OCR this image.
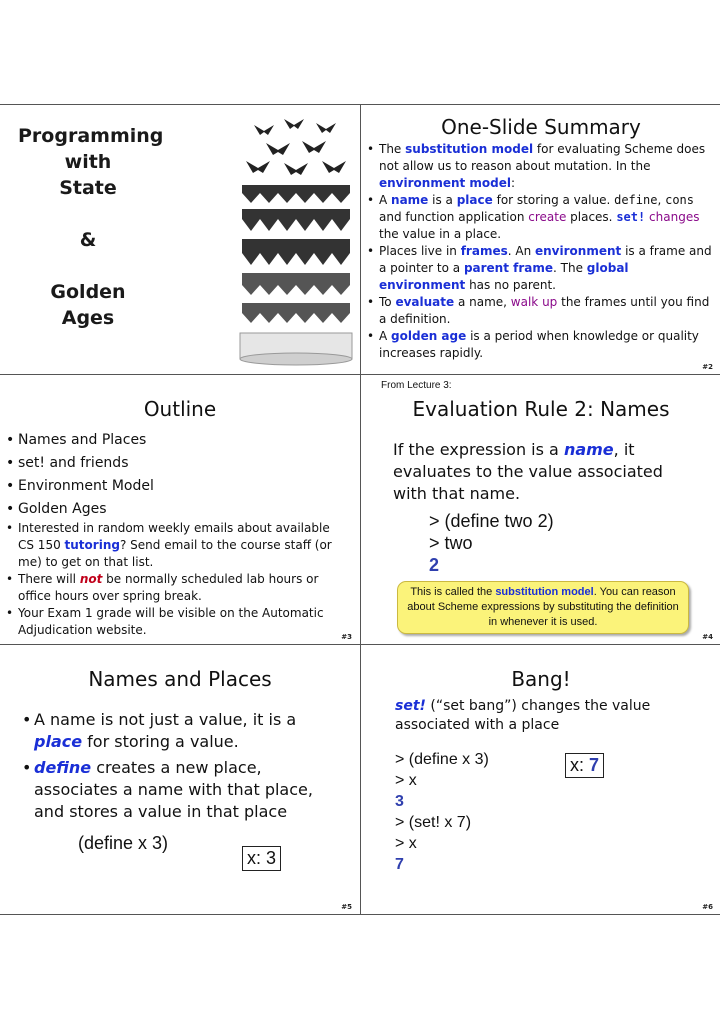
Programming
with
State
&
Golden
Ages
One-Slide Summary
• The substitution model for evaluating Scheme does not allow us to reason about mutation. In the environment model:
• A name is a place for storing a value. define, cons and function application create places. set! changes the value in a place.
• Places live in frames. An environment is a frame and a pointer to a parent frame. The global environment has no parent.
• To evaluate a name, walk up the frames until you find a definition.
• A golden age is a period when knowledge or quality increases rapidly.
#2
Outline
• Names and Places
• set! and friends
• Environment Model
• Golden Ages
• Interested in random weekly emails about available CS 150 tutoring? Send email to the course staff (or me) to get on that list.
• There will not be normally scheduled lab hours or office hours over spring break.
• Your Exam 1 grade will be visible on the Automatic Adjudication website.	#3
From Lecture 3:
Evaluation Rule 2: Names
If the expression is a name, it evaluates to the value associated with that name.
> (define two 2)
> two
2
This is called the substitution model. You can reason about Scheme expressions by substituting the definition in whenever it is used.
#4
Names and Places
• A name is not just a value, it is a place for storing a value.
• define creates a new place, associates a name with that place, and stores a value in that place
(define x 3)
x: 3
#5
Bang!
set! (“set bang”) changes the value associated with a place
> (define x 3)
> x
3
> (set! x 7)
> x
7
x: 7
#6
